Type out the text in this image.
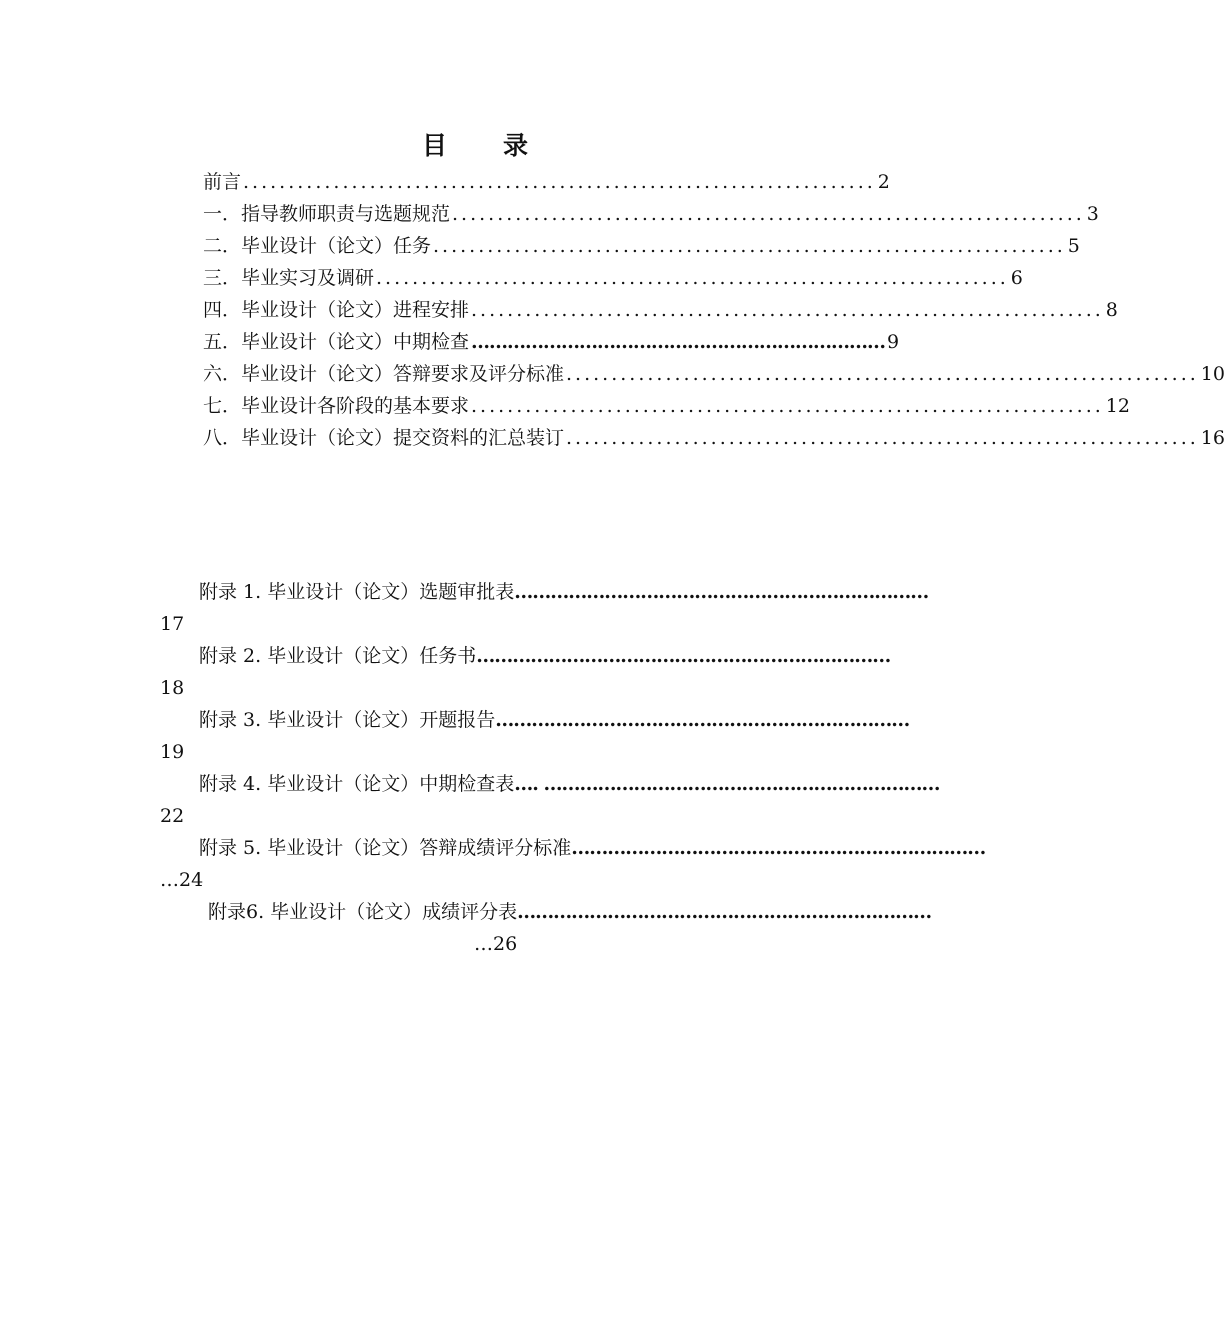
目 录
前言 ...................................................................... 2
一．指导教师职责与选题规范 ...................................................................... 3
二．毕业设计（论文）任务 ...................................................................... 5
三．毕业实习及调研 ...................................................................... 6
四．毕业设计（论文）进程安排 ...................................................................... 8
五．毕业设计（论文）中期检查 …………………………………………………………… 9
六．毕业设计（论文）答辩要求及评分标准 ...................................................................... 10
七．毕业设计各阶段的基本要求 ...................................................................... 12
八．毕业设计（论文）提交资料的汇总装订 ...................................................................... 16
附录 1. 毕业设计（论文）选题审批表 ……………………………………………………………
17
附录 2. 毕业设计（论文）任务书 ……………………………………………………………
18
附录 3. 毕业设计（论文）开题报告 ……………………………………………………………
19
附录 4. 毕业设计（论文）中期检查表 …. …………………………………………………………
22
附录 5. 毕业设计（论文）答辩成绩评分标准 ……………………………………………………………
…24
附录6. 毕业设计（论文）成绩评分表 ……………………………………………………………
…26
